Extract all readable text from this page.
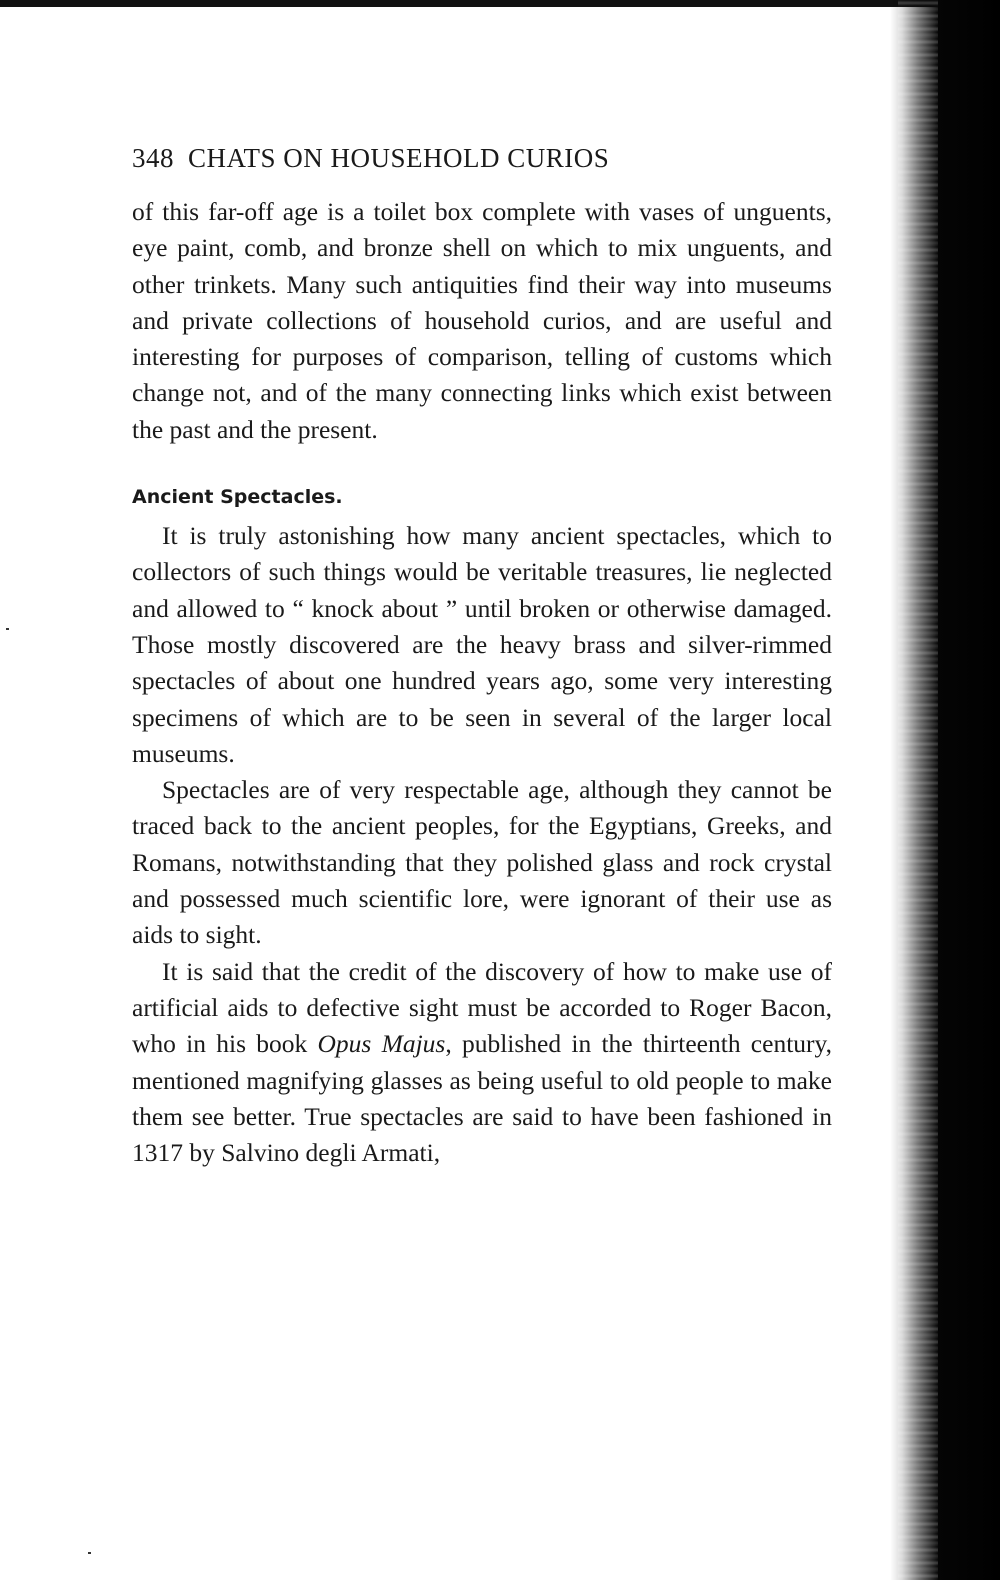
348 CHATS ON HOUSEHOLD CURIOS

of this far-off age is a toilet box complete with vases of unguents, eye paint, comb, and bronze shell on which to mix unguents, and other trinkets. Many such antiquities find their way into museums and private collections of household curios, and are useful and interesting for purposes of comparison, telling of customs which change not, and of the many connecting links which exist between the past and the present.

Ancient Spectacles.

It is truly astonishing how many ancient spectacles, which to collectors of such things would be veritable treasures, lie neglected and allowed to “ knock about ” until broken or otherwise damaged. Those mostly discovered are the heavy brass and silver-rimmed spectacles of about one hundred years ago, some very interesting specimens of which are to be seen in several of the larger local museums.

Spectacles are of very respectable age, although they cannot be traced back to the ancient peoples, for the Egyptians, Greeks, and Romans, notwithstanding that they polished glass and rock crystal and possessed much scientific lore, were ignorant of their use as aids to sight.

It is said that the credit of the discovery of how to make use of artificial aids to defective sight must be accorded to Roger Bacon, who in his book Opus Majus, published in the thirteenth century, mentioned magnifying glasses as being useful to old people to make them see better. True spectacles are said to have been fashioned in 1317 by Salvino degli Armati,
